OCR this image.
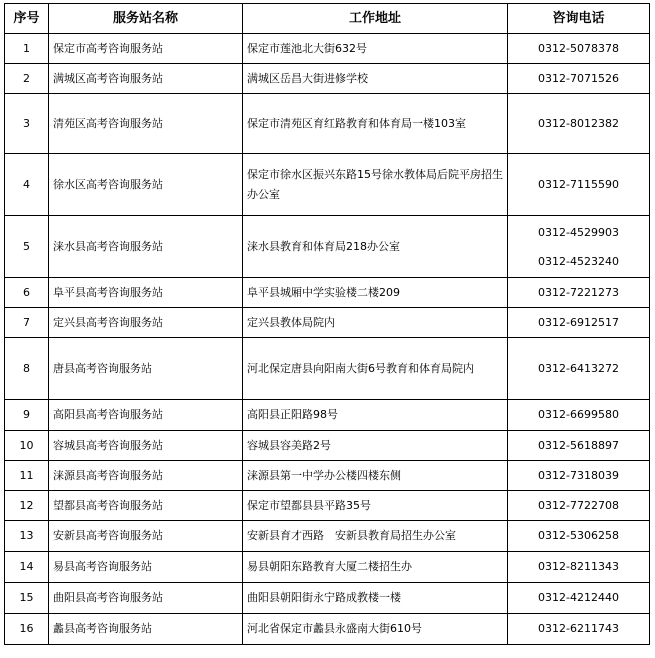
序号	服务站名称	工作地址	咨询电话
1	保定市高考咨询服务站	保定市莲池北大街632号	0312-5078378

2	满城区高考咨询服务站	满城区岳昌大街进修学校	0312-7071526

3	清苑区高考咨询服务站	保定市清苑区育红路教育和体育局一楼103室	0312-8012382

4	徐水区高考咨询服务站	保定市徐水区振兴东路15号徐水教体局后院平房招生办公室	0312-7115590

5	涞水县高考咨询服务站	涞水县教育和体育局218办公室	0312-4529903
0312-4523240

6	阜平县高考咨询服务站	阜平县城厢中学实验楼二楼209	0312-7221273

7	定兴县高考咨询服务站	定兴县教体局院内	0312-6912517

8	唐县高考咨询服务站	河北保定唐县向阳南大街6号教育和体育局院内	0312-6413272

9	高阳县高考咨询服务站	高阳县正阳路98号	0312-6699580

10	容城县高考咨询服务站	容城县容美路2号	0312-5618897

11	涞源县高考咨询服务站	涞源县第一中学办公楼四楼东侧	0312-7318039

12	望都县高考咨询服务站	保定市望都县县平路35号	0312-7722708

13	安新县高考咨询服务站	安新县育才西路　安新县教育局招生办公室	0312-5306258

14	易县高考咨询服务站	易县朝阳东路教育大厦二楼招生办	0312-8211343

15	曲阳县高考咨询服务站	曲阳县朝阳街永宁路成教楼一楼	0312-4212440

16	蠡县高考咨询服务站	河北省保定市蠡县永盛南大街610号	0312-6211743
